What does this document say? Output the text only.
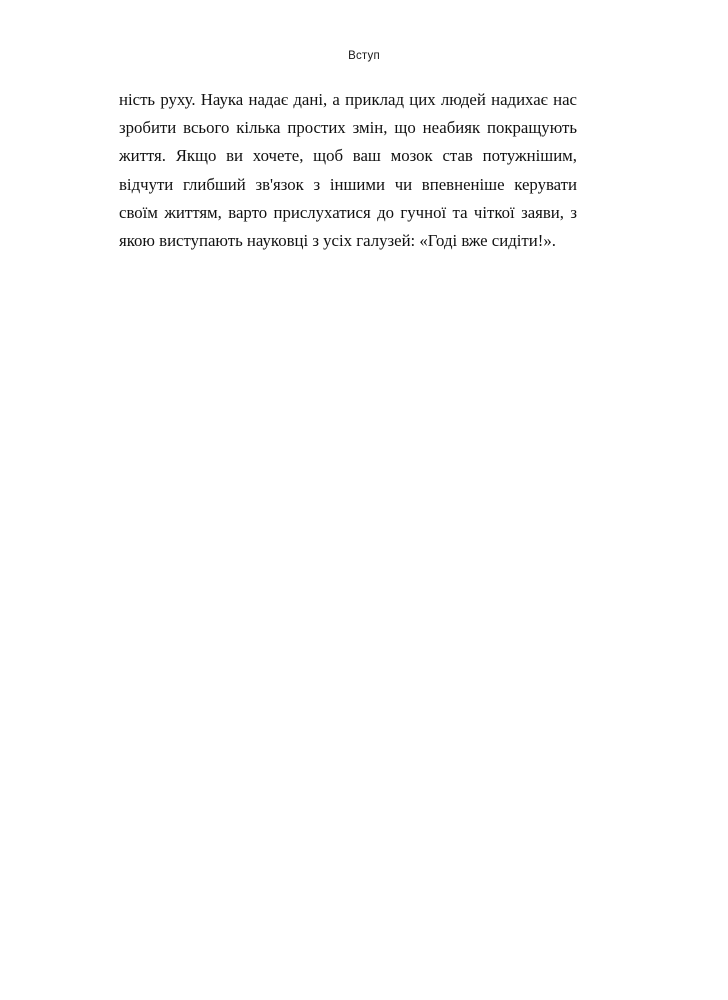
Вступ

ність руху. Наука надає дані, а приклад цих людей надихає нас зробити всього кілька простих змін, що неабияк покращують життя. Якщо ви хочете, щоб ваш мозок став потужнішим, відчути глибший зв'язок з іншими чи впевненіше керувати своїм життям, варто прислухатися до гучної та чіткої заяви, з якою виступають науковці з усіх галузей: «Годі вже сидіти!».
